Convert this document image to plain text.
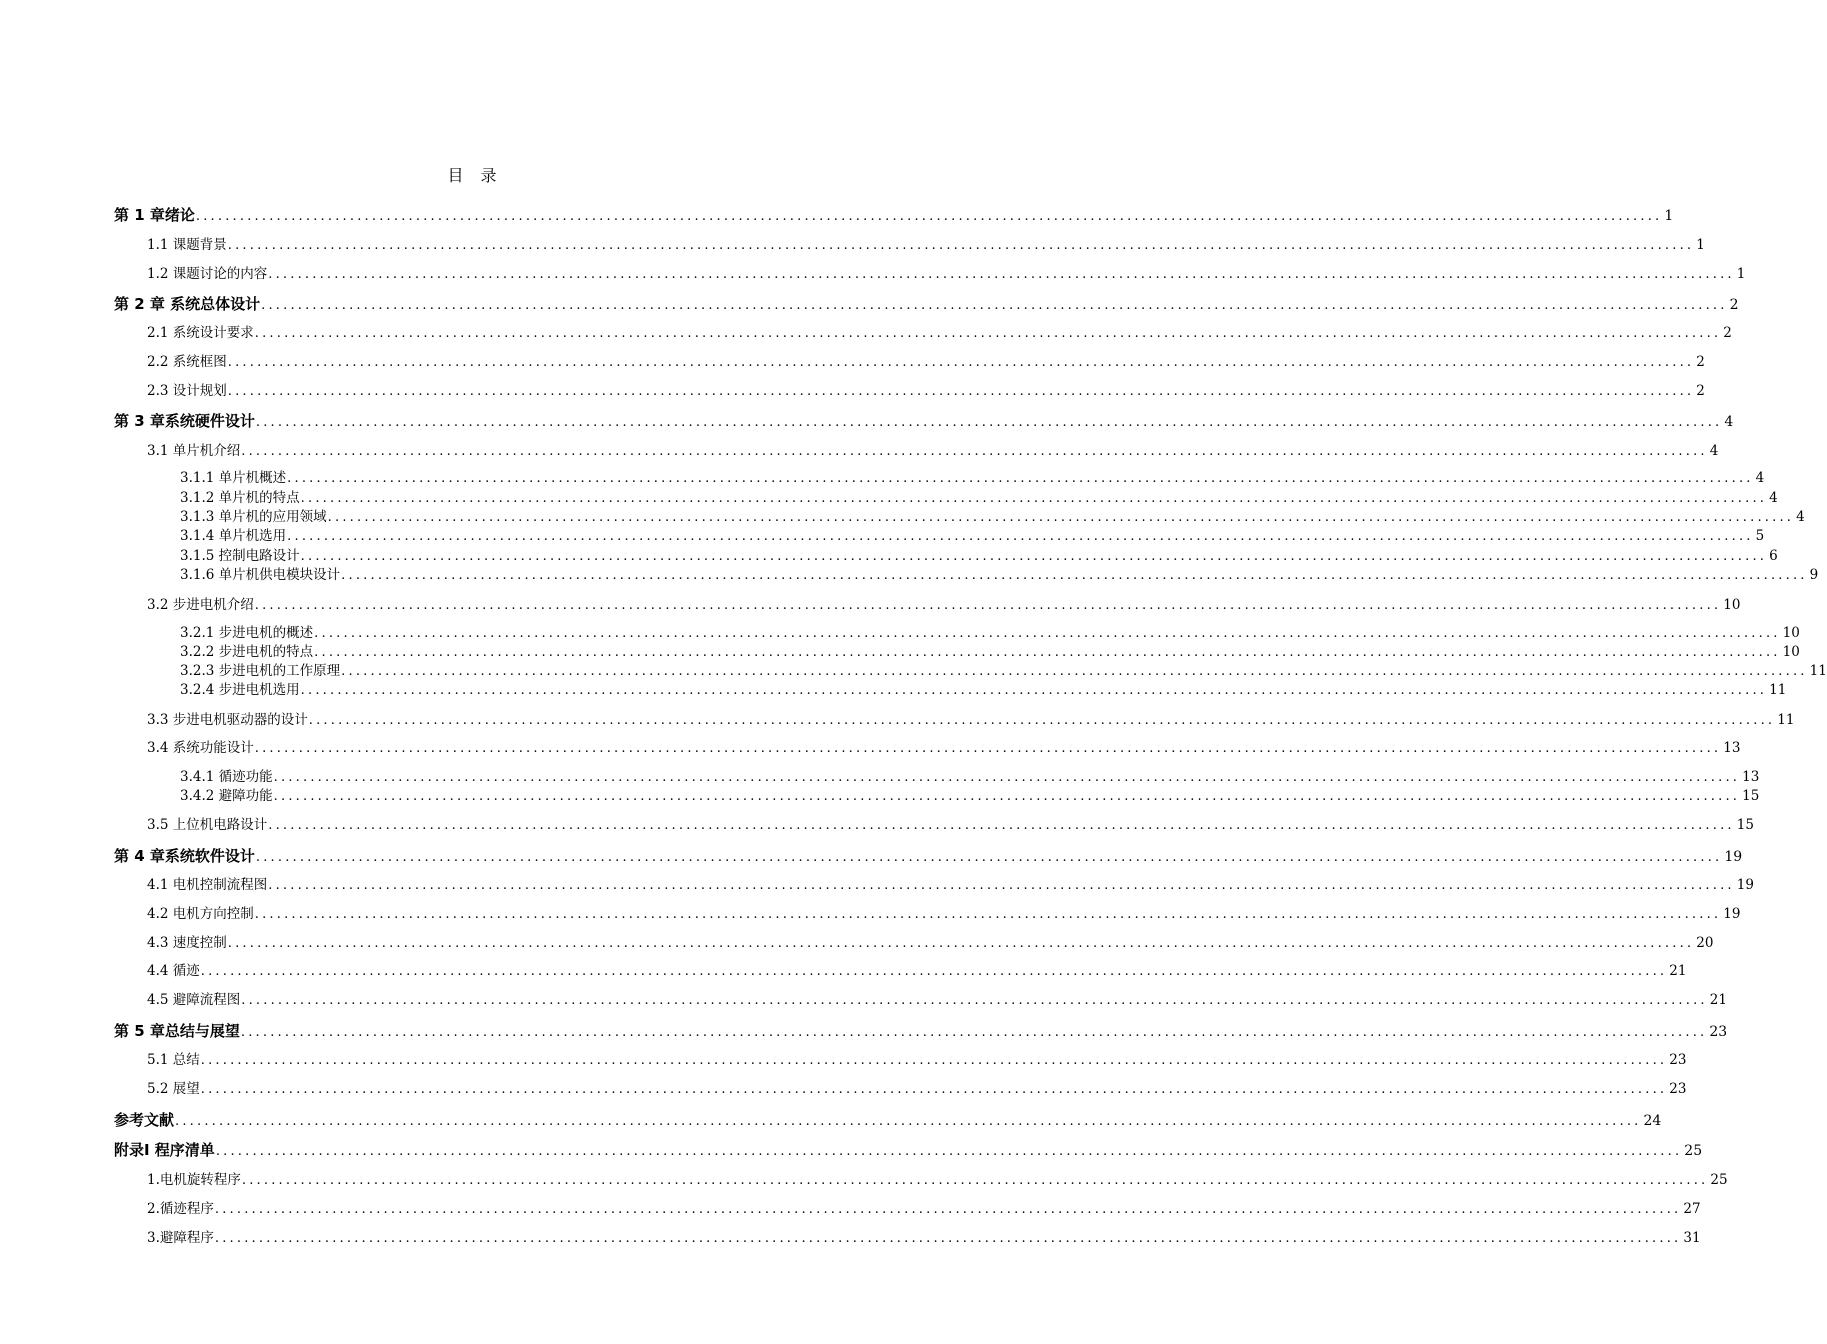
目 录
第 1 章绪论 ........................................................................................................................................................................................................ 1
1.1 课题背景 ........................................................................................................................................................................................................ 1
1.2 课题讨论的内容 ........................................................................................................................................................................................................ 1
第 2 章 系统总体设计 ........................................................................................................................................................................................................ 2
2.1 系统设计要求 ........................................................................................................................................................................................................ 2
2.2 系统框图 ........................................................................................................................................................................................................ 2
2.3 设计规划 ........................................................................................................................................................................................................ 2
第 3 章系统硬件设计 ........................................................................................................................................................................................................ 4
3.1 单片机介绍 ........................................................................................................................................................................................................ 4
3.1.1 单片机概述 ........................................................................................................................................................................................................ 4
3.1.2 单片机的特点 ........................................................................................................................................................................................................ 4
3.1.3 单片机的应用领域 ........................................................................................................................................................................................................ 4
3.1.4 单片机选用 ........................................................................................................................................................................................................ 5
3.1.5 控制电路设计 ........................................................................................................................................................................................................ 6
3.1.6 单片机供电模块设计 ........................................................................................................................................................................................................ 9
3.2 步进电机介绍 ........................................................................................................................................................................................................ 10
3.2.1 步进电机的概述 ........................................................................................................................................................................................................ 10
3.2.2 步进电机的特点 ........................................................................................................................................................................................................ 10
3.2.3 步进电机的工作原理 ........................................................................................................................................................................................................ 11
3.2.4 步进电机选用 ........................................................................................................................................................................................................ 11
3.3 步进电机驱动器的设计 ........................................................................................................................................................................................................ 11
3.4 系统功能设计 ........................................................................................................................................................................................................ 13
3.4.1 循迹功能 ........................................................................................................................................................................................................ 13
3.4.2 避障功能 ........................................................................................................................................................................................................ 15
3.5 上位机电路设计 ........................................................................................................................................................................................................ 15
第 4 章系统软件设计 ........................................................................................................................................................................................................ 19
4.1 电机控制流程图 ........................................................................................................................................................................................................ 19
4.2 电机方向控制 ........................................................................................................................................................................................................ 19
4.3 速度控制 ........................................................................................................................................................................................................ 20
4.4 循迹 ........................................................................................................................................................................................................ 21
4.5 避障流程图 ........................................................................................................................................................................................................ 21
第 5 章总结与展望 ........................................................................................................................................................................................................ 23
5.1 总结 ........................................................................................................................................................................................................ 23
5.2 展望 ........................................................................................................................................................................................................ 23
参考文献 ........................................................................................................................................................................................................ 24
附录Ⅰ 程序清单 ........................................................................................................................................................................................................ 25
1.电机旋转程序 ........................................................................................................................................................................................................ 25
2.循迹程序 ........................................................................................................................................................................................................ 27
3.避障程序 ........................................................................................................................................................................................................ 31
